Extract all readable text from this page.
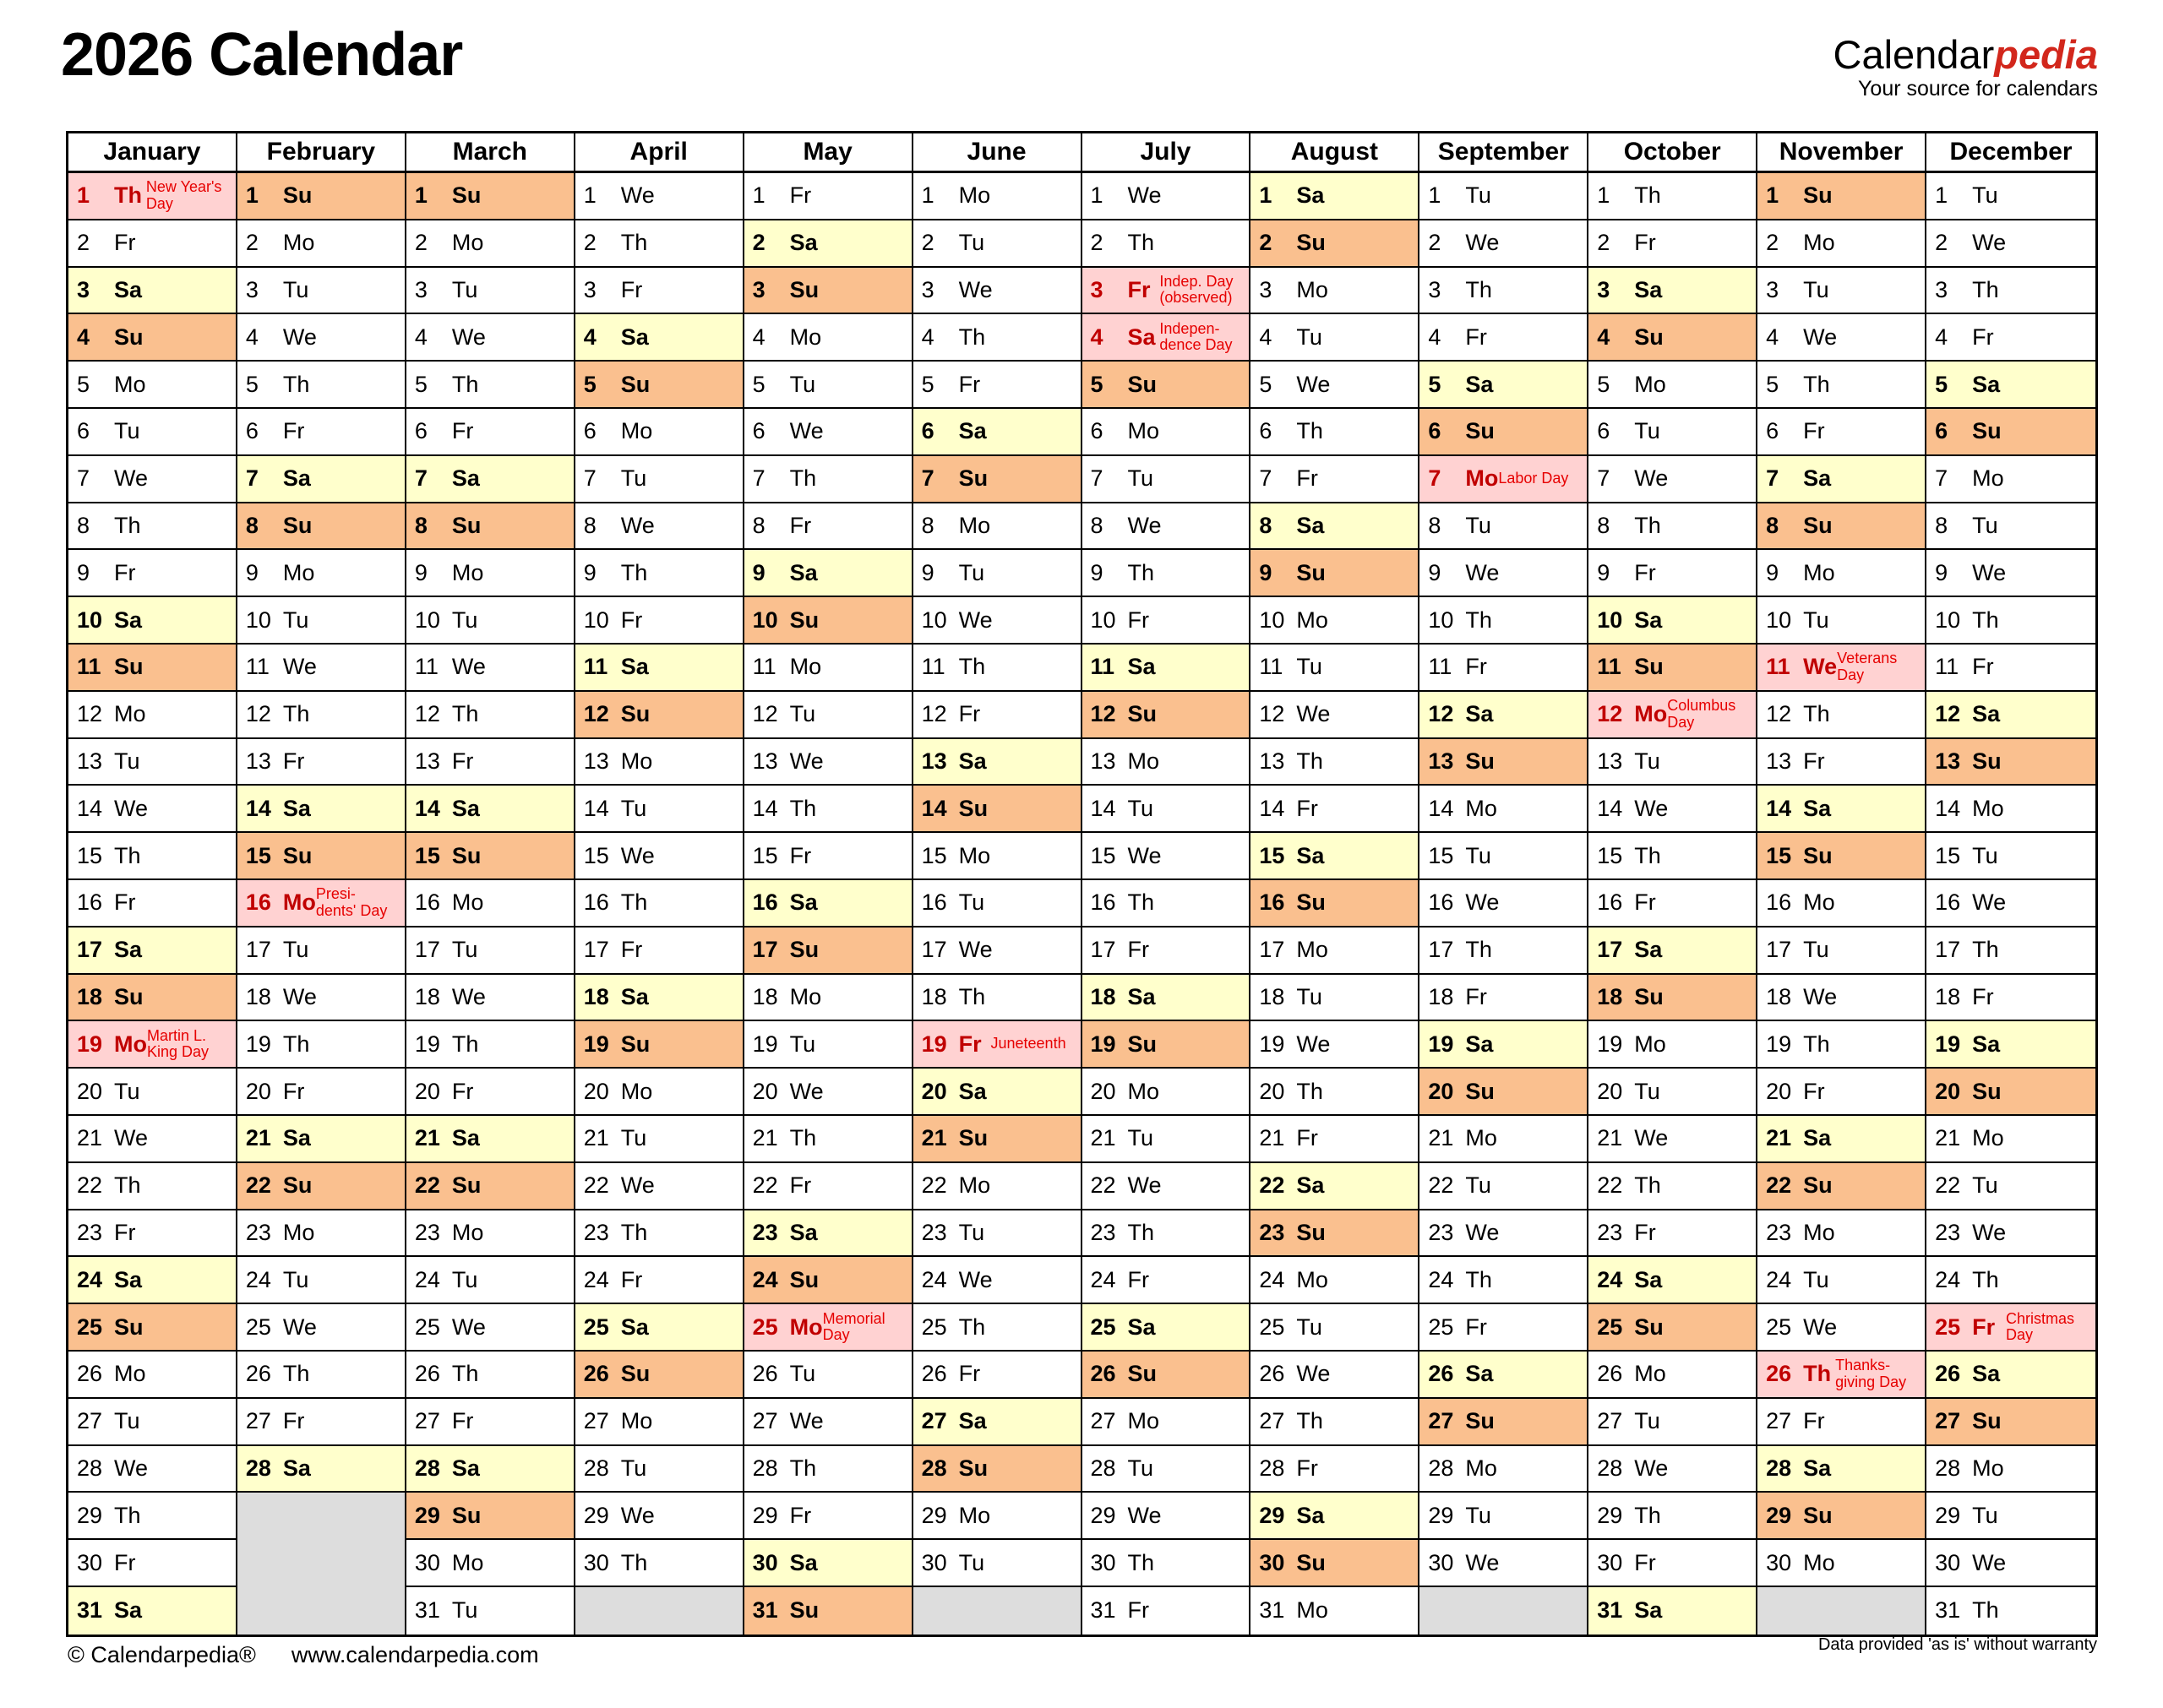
2026 Calendar	Calendarpedia
Your source for calendars
January
1	Th New Year's
Day
2	Fr
3	Sa
4	Su
5	Mo
6	Tu
7	We
8	Th
9	Fr
10 Sa
11 Su
12 Mo
13 Tu
14 We
15 Th
16 Fr
17 Sa
18 Su
19 Mo Martin L.
King Day
20 Tu
21 We
22 Th
23 Fr
24 Sa
25 Su
26 Mo
27 Tu
28 We
29 Th
30 Fr
31 Sa
February
1	Su
2	Mo
3	Tu
4	We
5	Th
6	Fr
7	Sa
8	Su
9	Mo
10 Tu
11 We
12 Th
13 Fr
14 Sa
15 Su
16 Mo Presi-
dents' Day
17 Tu
18 We
19 Th
20 Fr
21 Sa
22 Su
23 Mo
24 Tu
25 We
26 Th
27 Fr
28 Sa
March
1	Su
2	Mo
3	Tu
4	We
5	Th
6	Fr
7	Sa
8	Su
9	Mo
10 Tu
11 We
12 Th
13 Fr
14 Sa
15 Su
16 Mo
17 Tu
18 We
19 Th
20 Fr
21 Sa
22 Su
23 Mo
24 Tu
25 We
26 Th
27 Fr
28 Sa
29 Su
30 Mo
31 Tu
April
1	We
2	Th
3	Fr
4	Sa
5	Su
6	Mo
7	Tu
8	We
9	Th
10 Fr
11 Sa
12 Su
13 Mo
14 Tu
15 We
16 Th
17 Fr
18 Sa
19 Su
20 Mo
21 Tu
22 We
23 Th
24 Fr
25 Sa
26 Su
27 Mo
28 Tu
29 We
30 Th
May
1	Fr
2	Sa
3	Su
4	Mo
5	Tu
6	We
7	Th
8	Fr
9	Sa
10 Su
11 Mo
12 Tu
13 We
14 Th
15 Fr
16 Sa
17 Su
18 Mo
19 Tu
20 We
21 Th
22 Fr
23 Sa
24 Su
25 Mo Memorial
Day
26 Tu
27 We
28 Th
29 Fr
30 Sa
31 Su
June
1	Mo
2	Tu
3	We
4	Th
5	Fr
6	Sa
7	Su
8	Mo
9	Tu
10 We
11 Th
12 Fr
13 Sa
14 Su
15 Mo
16 Tu
17 We
18 Th
19 Fr Juneteenth
20 Sa
21 Su
22 Mo
23 Tu
24 We
25 Th
26 Fr
27 Sa
28 Su
29 Mo
30 Tu
July
1	We
2	Th
3	Fr Indep. Day
(observed)
4	Sa Indepen-
dence Day
5	Su
6	Mo
7	Tu
8	We
9	Th
10 Fr
11 Sa
12 Su
13 Mo
14 Tu
15 We
16 Th
17 Fr
18 Sa
19 Su
20 Mo
21 Tu
22 We
23 Th
24 Fr
25 Sa
26 Su
27 Mo
28 Tu
29 We
30 Th
31 Fr
August
1	Sa
2	Su
3	Mo
4	Tu
5	We
6	Th
7	Fr
8	Sa
9	Su
10 Mo
11 Tu
12 We
13 Th
14 Fr
15 Sa
16 Su
17 Mo
18 Tu
19 We
20 Th
21 Fr
22 Sa
23 Su
24 Mo
25 Tu
26 We
27 Th
28 Fr
29 Sa
30 Su
31 Mo
September
1	Tu
2	We
3	Th
4	Fr
5	Sa
6	Su
7	Mo Labor Day
8	Tu
9	We
10 Th
11 Fr
12 Sa
13 Su
14 Mo
15 Tu
16 We
17 Th
18 Fr
19 Sa
20 Su
21 Mo
22 Tu
23 We
24 Th
25 Fr
26 Sa
27 Su
28 Mo
29 Tu
30 We
October
1	Th
2	Fr
3	Sa
4	Su
5	Mo
6	Tu
7	We
8	Th
9	Fr
10 Sa
11 Su
12 Mo Columbus
Day
13 Tu
14 We
15 Th
16 Fr
17 Sa
18 Su
19 Mo
20 Tu
21 We
22 Th
23 Fr
24 Sa
25 Su
26 Mo
27 Tu
28 We
29 Th
30 Fr
31 Sa
November
1	Su
2	Mo
3	Tu
4	We
5	Th
6	Fr
7	Sa
8	Su
9	Mo
10 Tu
11 We Veterans
Day
12 Th
13 Fr
14 Sa
15 Su
16 Mo
17 Tu
18 We
19 Th
20 Fr
21 Sa
22 Su
23 Mo
24 Tu
25 We
26 Th Thanks-
giving Day
27 Fr
28 Sa
29 Su
30 Mo
December
1	Tu
2	We
3	Th
4	Fr
5	Sa
6	Su
7	Mo
8	Tu
9	We
10 Th
11 Fr
12 Sa
13 Su
14 Mo
15 Tu
16 We
17 Th
18 Fr
19 Sa
20 Su
21 Mo
22 Tu
23 We
24 Th
25 Fr Christmas
Day
26 Sa
27 Su
28 Mo
29 Tu
30 We
31 Th
© Calendarpedia® www.calendarpedia.com	Data provided 'as is' without warranty
